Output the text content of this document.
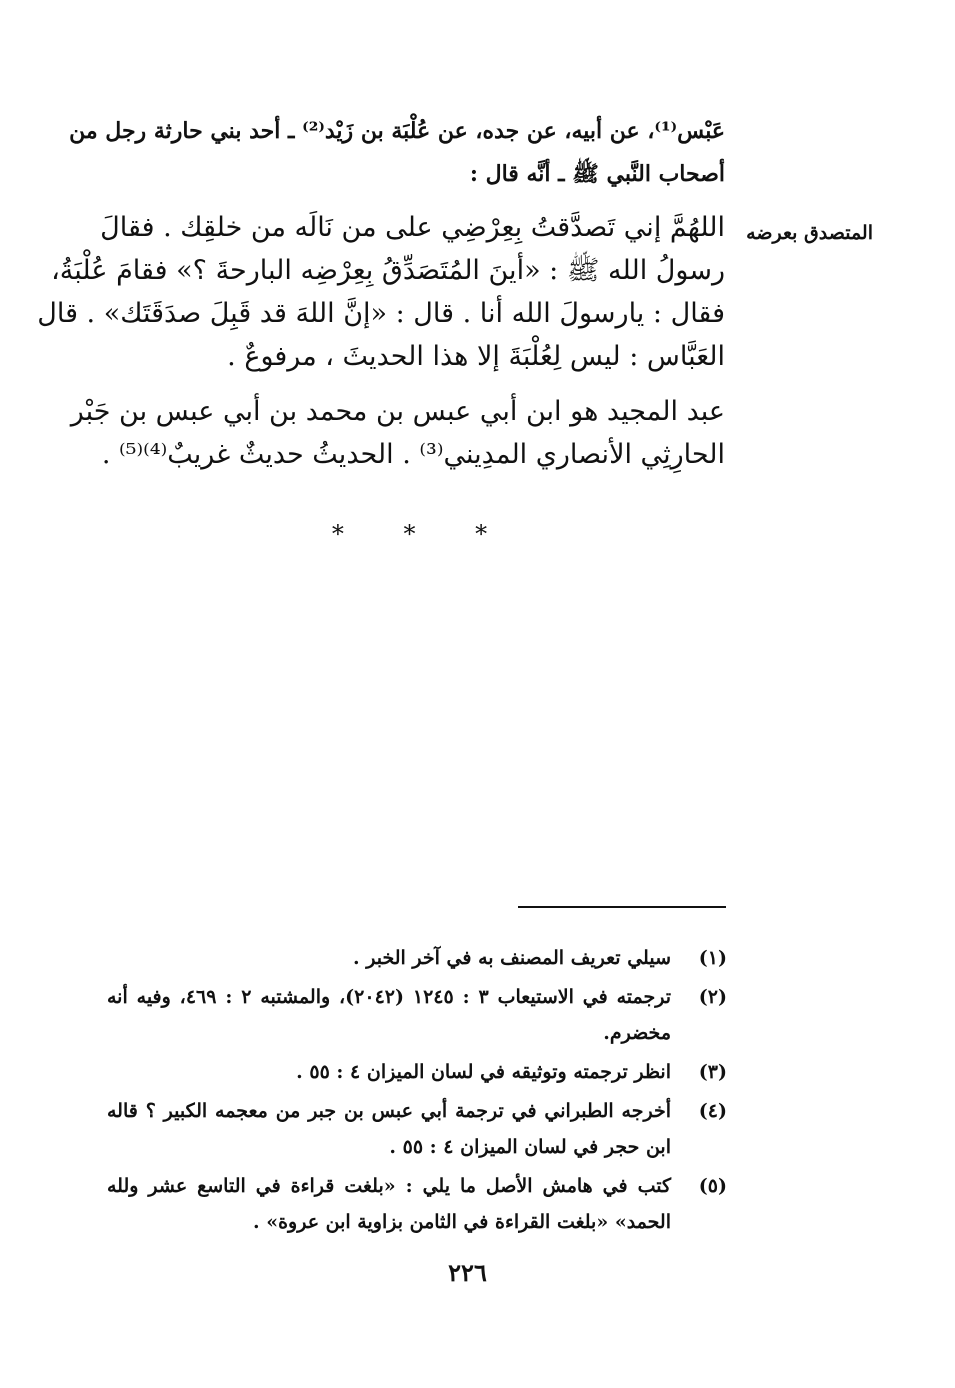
عَبْس⁽¹⁾، عن أبيه، عن جده، عن عُلْبَة بن زَيْد⁽²⁾ ـ أحد بني حارثة رجل من
أصحاب النَّبي ﷺ ـ أنَّه قال :
المتصدق بعرضه
اللهُمَّ إني تَصدَّقتُ بِعِرْضِي على من نَالَه من خلقِك . فقالَ
رسولُ الله ﷺ : «أينَ المُتَصَدِّقُ بِعِرْضِه البارحةَ ؟» فقامَ عُلْبَةُ،
فقال : يارسولَ الله أنا . قال : «إنَّ اللهَ قد قَبِلَ صدَقَتَك» . قال
العَبَّاس : ليس لِعُلْبَةَ إلا هذا الحديثَ ، مرفوعٌ .
عبد المجيد هو ابن أبي عبس بن محمد بن أبي عبس بن جَبْر
الحارِثِي الأنصاري المدِيني⁽³⁾ . الحديثُ حديثٌ غريبٌ⁽⁴⁾⁽⁵⁾ .
* * *
(١)
سيلي تعريف المصنف به في آخر الخبر .
(٢)
ترجمته في الاستيعاب ٣ : ١٢٤٥ (٢٠٤٢)، والمشتبه ٢ : ٤٦٩، وفيه أنه مخضرم.
(٣)
انظر ترجمته وتوثيقه في لسان الميزان ٤ : ٥٥ .
(٤)
أخرجه الطبراني في ترجمة أبي عبس بن جبر من معجمه الكبير ؟ قاله ابن حجر في لسان الميزان ٤ : ٥٥ .
(٥)
كتب في هامش الأصل ما يلي : «بلغت قراءة في التاسع عشر ولله الحمد» «بلغت القراءة في الثامن بزاوية ابن عروة» .
٢٢٦
